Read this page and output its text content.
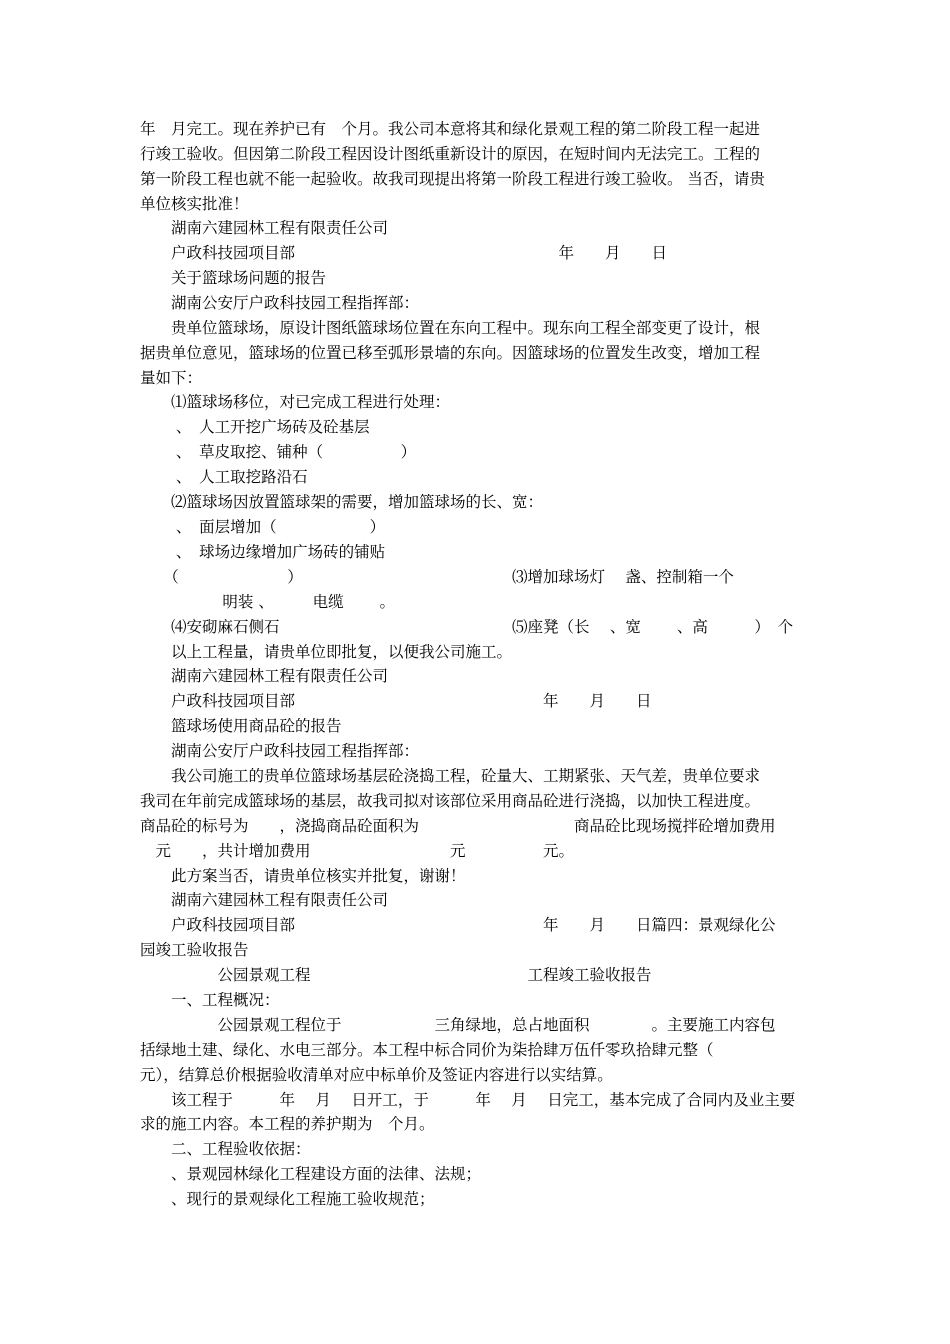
年　月完工。现在养护已有　个月。我公司本意将其和绿化景观工程的第二阶段工程一起进
行竣工验收。但因第二阶段工程因设计图纸重新设计的原因，在短时间内无法完工。工程的
第一阶段工程也就不能一起验收。故我司现提出将第一阶段工程进行竣工验收。 当否，请贵
单位核实批准！
　　湖南六建园林工程有限责任公司
　　户政科技园项目部　　　　　　　　　　　　　　　　　年　　月　　日
　　关于篮球场问题的报告
　　湖南公安厅户政科技园工程指挥部：
　　贵单位篮球场，原设计图纸篮球场位置在东向工程中。现东向工程全部变更了设计，根
据贵单位意见，篮球场的位置已移至弧形景墙的东向。因篮球场的位置发生改变，增加工程
量如下：
　　⑴篮球场移位，对已完成工程进行处理：
　　 、　人工开挖广场砖及砼基层
　　 、　草皮取挖、铺种（　　　　　）
　　 、　人工取挖路沿石
　　⑵篮球场因放置篮球架的需要，增加篮球场的长、宽：
　　 、　面层增加（　　　　　　）
　　 、　球场边缘增加广场砖的铺贴
　　（　　　　　　　）　　　　　　　　　　　　　　⑶增加球场灯　 盏、控制箱一个
　　　　　 明装 、　　　电缆　　 。
　　⑷安砌麻石侧石　　　　　　　　　　　　　　　⑸座凳（长　 、宽　　 、高　　　）　个
　　以上工程量，请贵单位即批复，以便我公司施工。
　　湖南六建园林工程有限责任公司
　　户政科技园项目部　　　　　　　　　　　　　　　　年　　月　　日
　　篮球场使用商品砼的报告
　　湖南公安厅户政科技园工程指挥部：
　　我公司施工的贵单位篮球场基层砼浇捣工程，砼量大、工期紧张、天气差，贵单位要求
我司在年前完成篮球场的基层，故我司拟对该部位采用商品砼进行浇捣，以加快工程进度。
商品砼的标号为　　，浇捣商品砼面积为　　　　　　　　　　商品砼比现场搅拌砼增加费用
　元　　，共计增加费用　　　　　　　　　元　　　　　元。
　　此方案当否，请贵单位核实并批复，谢谢！
　　湖南六建园林工程有限责任公司
　　户政科技园项目部　　　　　　　　　　　　　　　　年　　月　　日篇四：景观绿化公
园竣工验收报告
　　　　　公园景观工程　　　　　　　　　　　　　　工程竣工验收报告
　　一、工程概况：
　　　　　公园景观工程位于　　　　　　三角绿地，总占地面积　　　　。主要施工内容包
括绿地土建、绿化、水电三部分。本工程中标合同价为柒拾肆万伍仟零玖拾肆元整（
元），结算总价根据验收清单对应中标单价及签证内容进行以实结算。
　　该工程于　　　年　 月　 日开工，于　　　年　 月　 日完工，基本完成了合同内及业主要
求的施工内容。本工程的养护期为　个月。
　　二、工程验收依据：
　　、景观园林绿化工程建设方面的法律、法规；
　　、现行的景观绿化工程施工验收规范；
